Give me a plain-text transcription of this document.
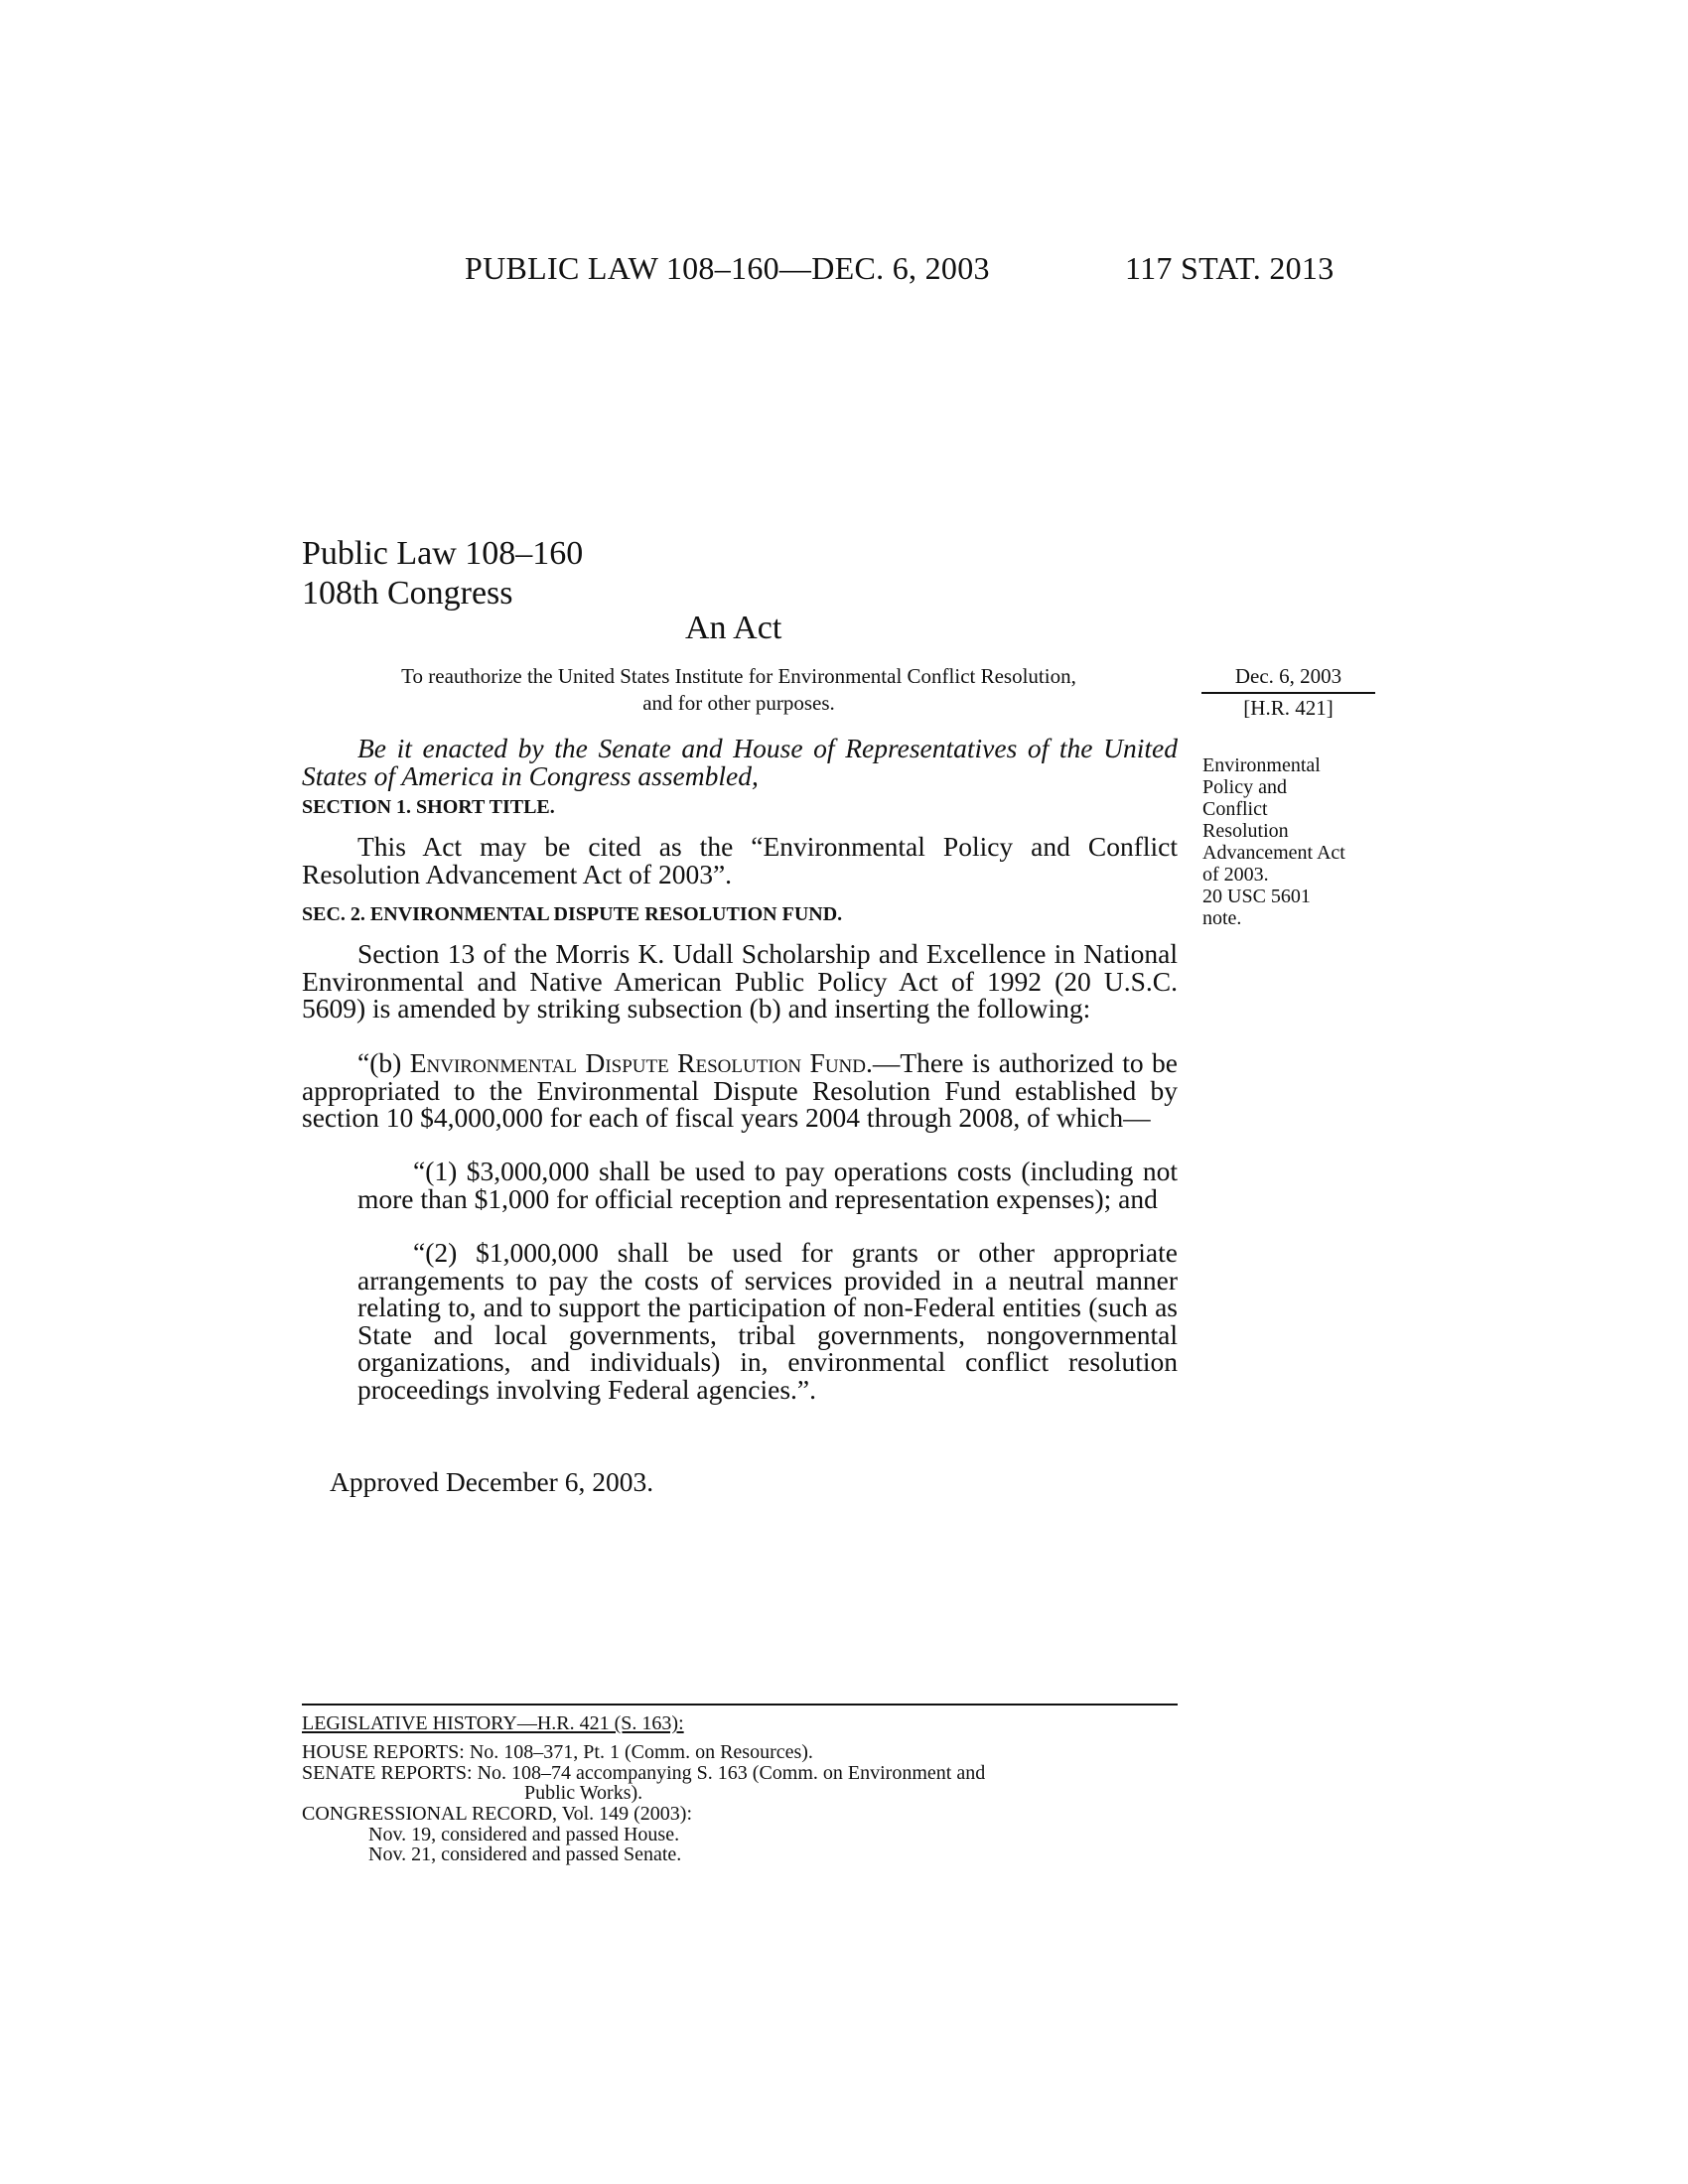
PUBLIC LAW 108–160—DEC. 6, 2003	117 STAT. 2013
Public Law 108–160
108th Congress
An Act
To reauthorize the United States Institute for Environmental Conflict Resolution,
and for other purposes.
Dec. 6, 2003
[H.R. 421]
Environmental
Policy and
Conflict
Resolution
Advancement Act
of 2003.
20 USC 5601
note.
Be it enacted by the Senate and House of Representatives of the United States of America in Congress assembled,
SECTION 1. SHORT TITLE.
This Act may be cited as the “Environmental Policy and Conflict Resolution Advancement Act of 2003”.
SEC. 2. ENVIRONMENTAL DISPUTE RESOLUTION FUND.
Section 13 of the Morris K. Udall Scholarship and Excellence in National Environmental and Native American Public Policy Act of 1992 (20 U.S.C. 5609) is amended by striking subsection (b) and inserting the following:
“(b) Environmental Dispute Resolution Fund.—There is authorized to be appropriated to the Environmental Dispute Resolution Fund established by section 10 $4,000,000 for each of fiscal years 2004 through 2008, of which—
“(1) $3,000,000 shall be used to pay operations costs (including not more than $1,000 for official reception and representation expenses); and
“(2) $1,000,000 shall be used for grants or other appropriate arrangements to pay the costs of services provided in a neutral manner relating to, and to support the participation of non-Federal entities (such as State and local governments, tribal governments, nongovernmental organizations, and individuals) in, environmental conflict resolution proceedings involving Federal agencies.”.
Approved December 6, 2003.
LEGISLATIVE HISTORY—H.R. 421 (S. 163):
HOUSE REPORTS: No. 108–371, Pt. 1 (Comm. on Resources).
SENATE REPORTS: No. 108–74 accompanying S. 163 (Comm. on Environment and
Public Works).
CONGRESSIONAL RECORD, Vol. 149 (2003):
Nov. 19, considered and passed House.
Nov. 21, considered and passed Senate.
